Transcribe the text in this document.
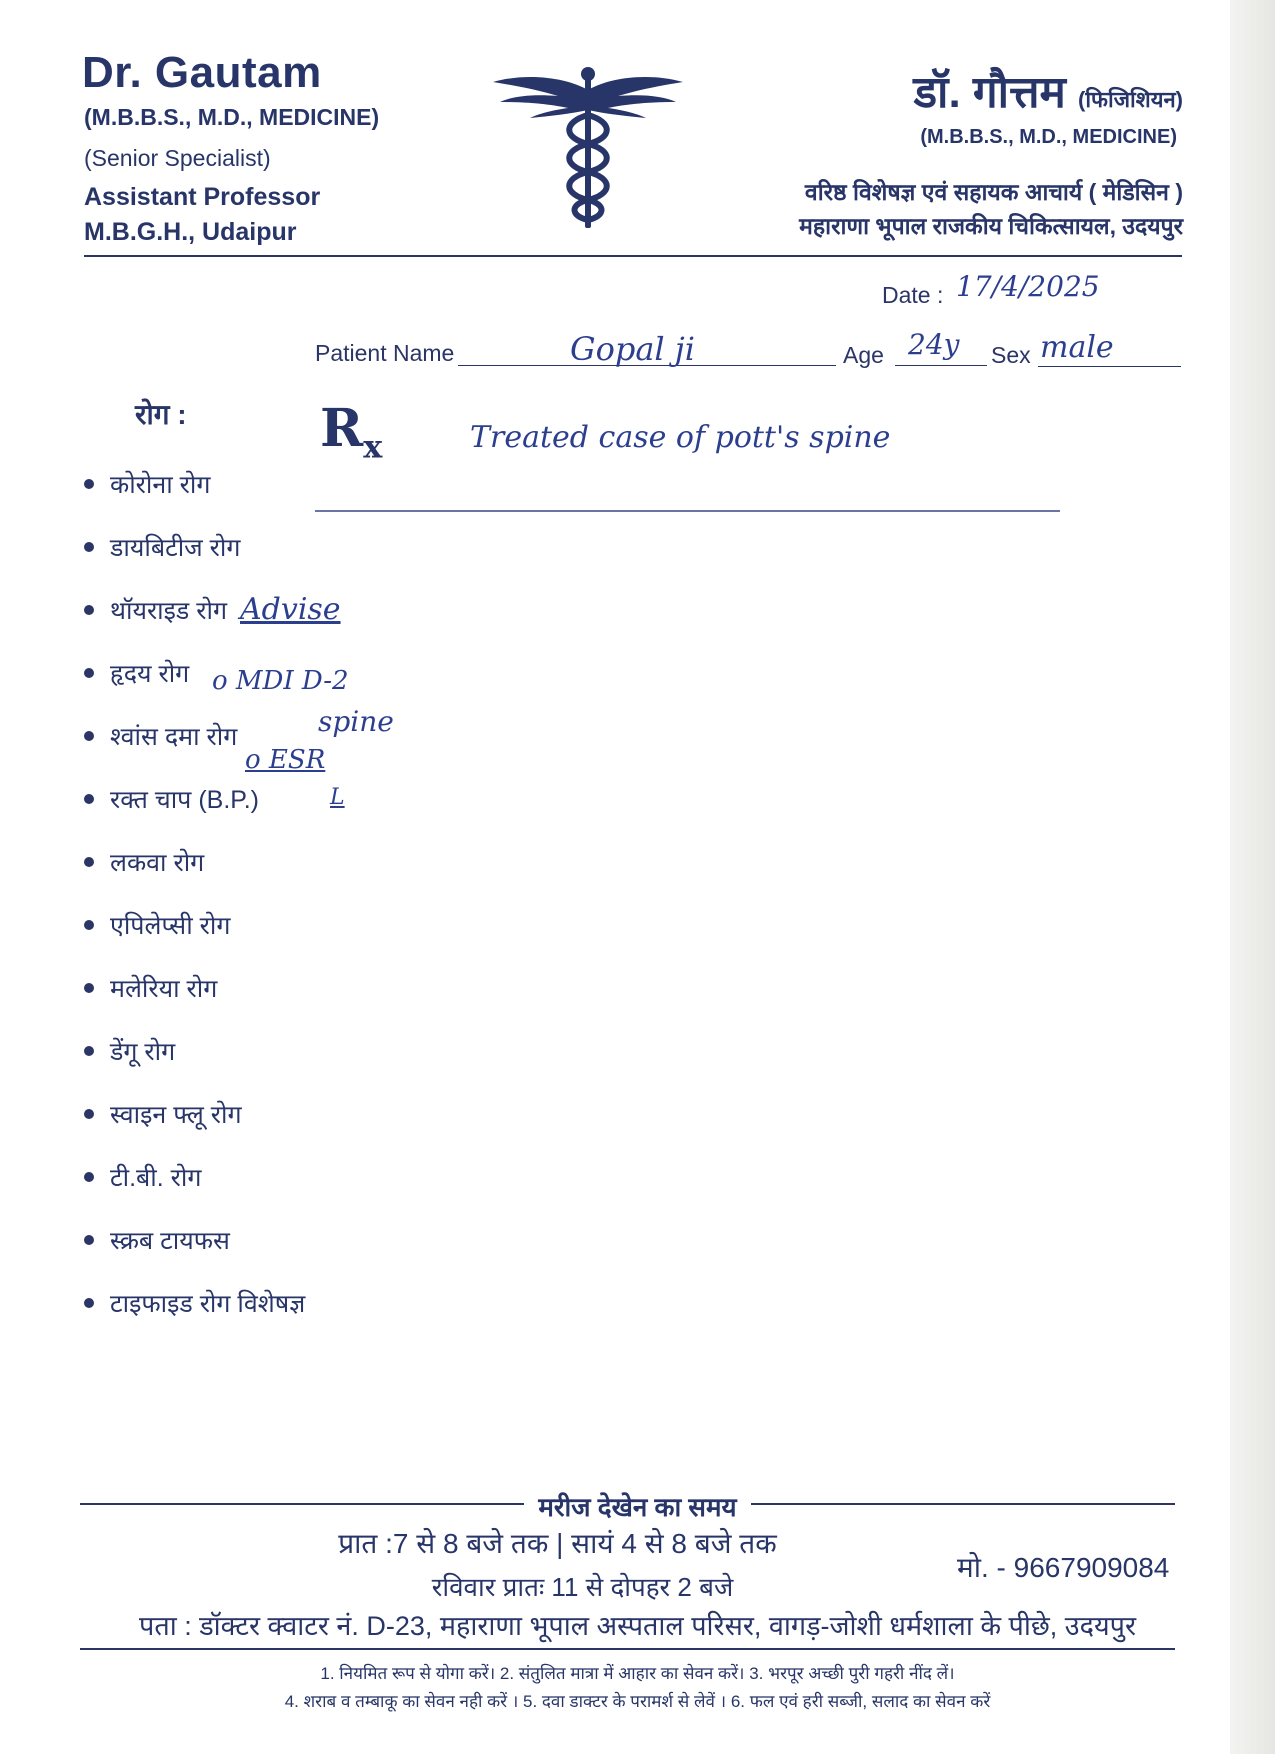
Dr. Gautam
(M.B.B.S., M.D., MEDICINE)
(Senior Specialist)
Assistant Professor
M.B.G.H., Udaipur
डॉ. गौत्तम (फिजिशियन)
(M.B.B.S., M.D., MEDICINE)
वरिष्ठ विशेषज्ञ एवं सहायक आचार्य ( मेडिसिन )
महाराणा भूपाल राजकीय चिकित्सायल, उदयपुर
Date : 17/4/2025
Patient Name	Gopal ji	Age 24y Sex male
रोग :	$R_x$	Treated case of pott's spine
कोरोना रोग
डायबिटीज रोग
थॉयराइड रोग
हृदय रोग
श्वांस दमा रोग
रक्त चाप (B.P.)
लकवा रोग
एपिलेप्सी रोग
मलेरिया रोग
डेंगू रोग
स्वाइन फ्लू रोग
टी.बी. रोग
स्क्रब टायफस
टाइफाइड रोग विशेषज्ञ
Advise
o MDI D-2
spine
o ESR
L
मरीज देखेन का समय
प्रात :7 से 8 बजे तक | सायं 4 से 8 बजे तक
मो. - 9667909084
रविवार प्रातः 11 से दोपहर 2 बजे
पता : डॉक्टर क्वाटर नं. D-23, महाराणा भूपाल अस्पताल परिसर, वागड़-जोशी धर्मशाला के पीछे, उदयपुर
1. नियमित रूप से योगा करें। 2. संतुलित मात्रा में आहार का सेवन करें। 3. भरपूर अच्छी पुरी गहरी नींद लें।
4. शराब व तम्बाकू का सेवन नही करें । 5. दवा डाक्टर के परामर्श से लेवें । 6. फल एवं हरी सब्जी, सलाद का सेवन करें
